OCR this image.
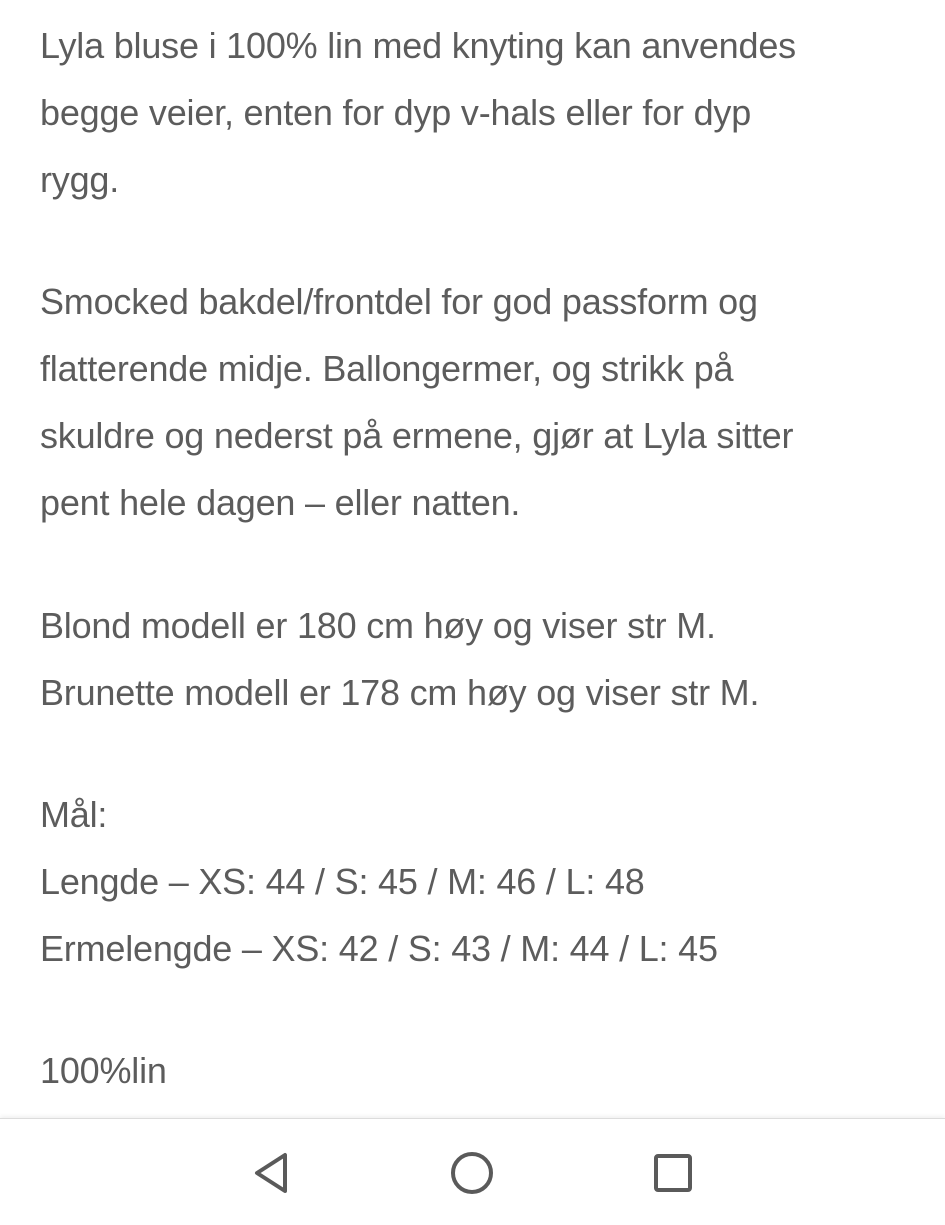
Lyla bluse i 100% lin med knyting kan anvendes
begge veier, enten for dyp v-hals eller for dyp
rygg.
Smocked bakdel/frontdel for god passform og
flatterende midje. Ballongermer, og strikk på
skuldre og nederst på ermene, gjør at Lyla sitter
pent hele dagen – eller natten.
Blond modell er 180 cm høy og viser str M.
Brunette modell er 178 cm høy og viser str M.
Mål:
Lengde – XS: 44 / S: 45 / M: 46 / L: 48
Ermelengde – XS: 42 / S: 43 / M: 44 / L: 45
100%lin
